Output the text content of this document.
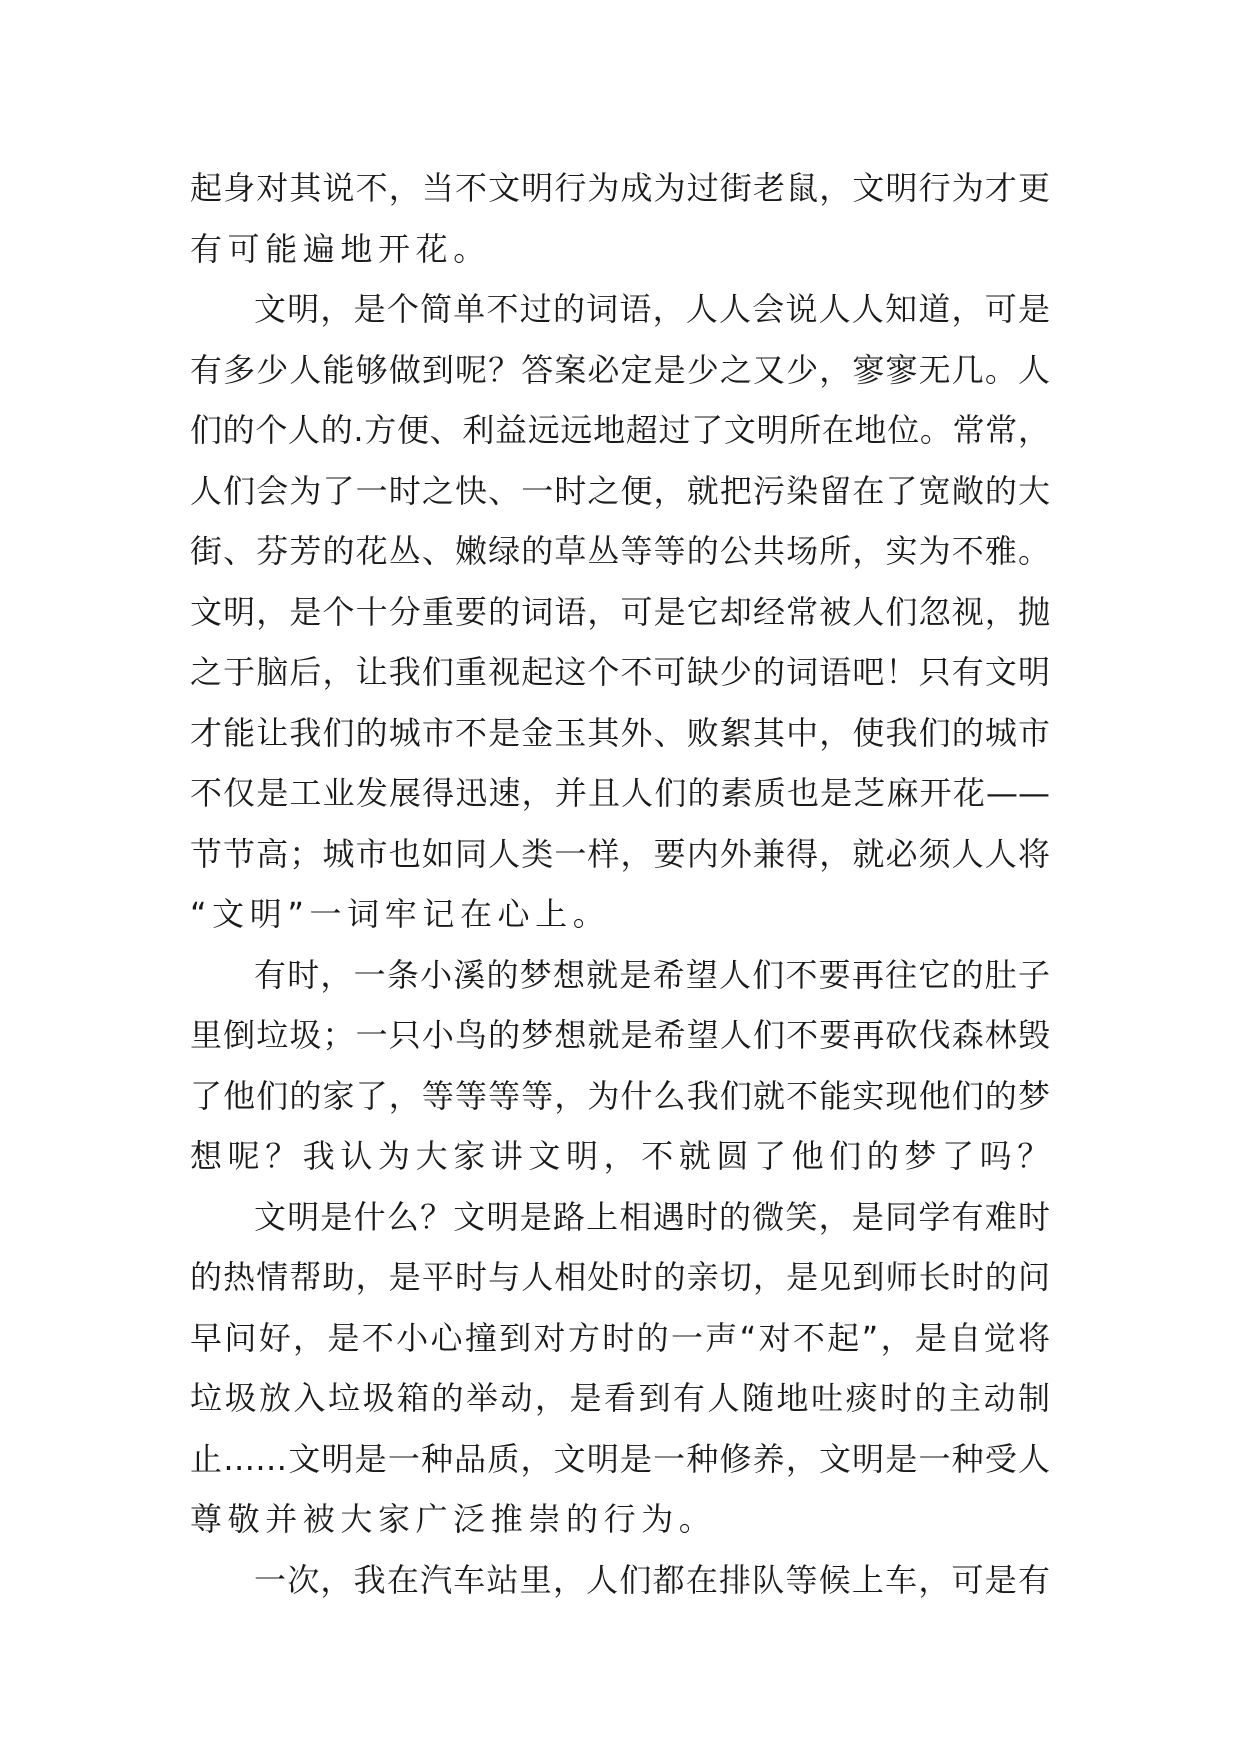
起身对其说不，当不文明行为成为过街老鼠，文明行为才更
有可能遍地开花。
文明，是个简单不过的词语，人人会说人人知道，可是
有多少人能够做到呢？答案必定是少之又少，寥寥无几。人
们的个人的.方便、利益远远地超过了文明所在地位。常常，
人们会为了一时之快、一时之便，就把污染留在了宽敞的大
街、芬芳的花丛、嫩绿的草丛等等的公共场所，实为不雅。
文明，是个十分重要的词语，可是它却经常被人们忽视，抛
之于脑后，让我们重视起这个不可缺少的词语吧！只有文明
才能让我们的城市不是金玉其外、败絮其中，使我们的城市
不仅是工业发展得迅速，并且人们的素质也是芝麻开花——
节节高；城市也如同人类一样，要内外兼得，就必须人人将
“文明”一词牢记在心上。
有时，一条小溪的梦想就是希望人们不要再往它的肚子
里倒垃圾；一只小鸟的梦想就是希望人们不要再砍伐森林毁
了他们的家了，等等等等，为什么我们就不能实现他们的梦
想呢？我认为大家讲文明，不就圆了他们的梦了吗？
文明是什么？文明是路上相遇时的微笑，是同学有难时
的热情帮助，是平时与人相处时的亲切，是见到师长时的问
早问好，是不小心撞到对方时的一声“对不起”，是自觉将
垃圾放入垃圾箱的举动，是看到有人随地吐痰时的主动制
止……文明是一种品质，文明是一种修养，文明是一种受人
尊敬并被大家广泛推崇的行为。
一次，我在汽车站里，人们都在排队等候上车，可是有
